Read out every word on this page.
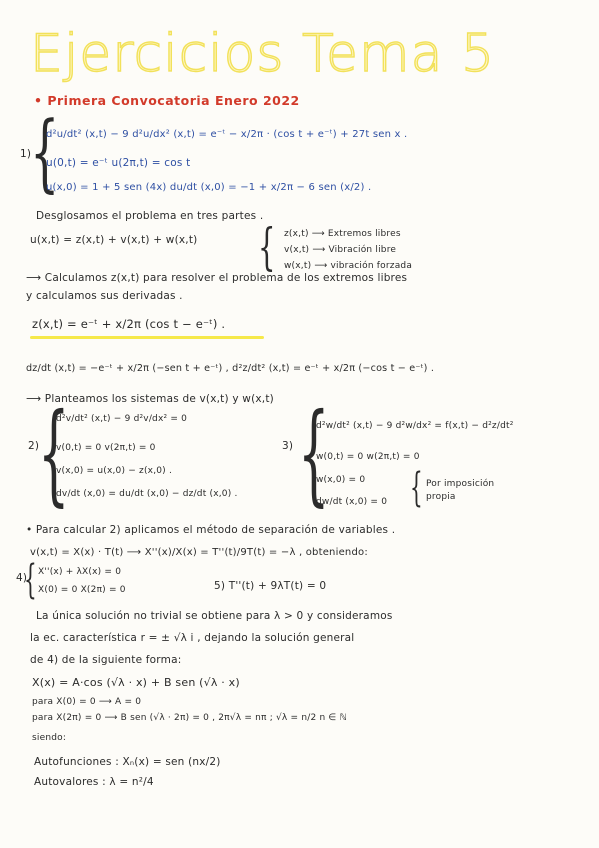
Ejercicios Tema 5
• Primera Convocatoria Enero 2022
1)
{
d²u/dt² (x,t) − 9 d²u/dx² (x,t) = e⁻ᵗ − x/2π · (cos t + e⁻ᵗ) + 27t sen x .
u(0,t) = e⁻ᵗ u(2π,t) = cos t
u(x,0) = 1 + 5 sen (4x) du/dt (x,0) = −1 + x/2π − 6 sen (x/2) .
Desglosamos el problema en tres partes .
u(x,t) = z(x,t) + v(x,t) + w(x,t) { z(x,t) ⟶ Extremos libres
v(x,t) ⟶ Vibración libre
w(x,t) ⟶ vibración forzada
⟶ Calculamos z(x,t) para resolver el problema de los extremos libres
y calculamos sus derivadas .
z(x,t) = e⁻ᵗ + x/2π (cos t − e⁻ᵗ) .
dz/dt (x,t) = −e⁻ᵗ + x/2π (−sen t + e⁻ᵗ) , d²z/dt² (x,t) = e⁻ᵗ + x/2π (−cos t − e⁻ᵗ) .
⟶ Planteamos los sistemas de v(x,t) y w(x,t)
2)
{
d²v/dt² (x,t) − 9 d²v/dx² = 0
v(0,t) = 0 v(2π,t) = 0
v(x,0) = u(x,0) − z(x,0) .
dv/dt (x,0) = du/dt (x,0) − dz/dt (x,0) .
3) {
d²w/dt² (x,t) − 9 d²w/dx² = f(x,t) − d²z/dt²
w(0,t) = 0 w(2π,t) = 0
w(x,0) = 0
dw/dt (x,0) = 0 { Por imposición propia
• Para calcular 2) aplicamos el método de separación de variables .
v(x,t) = X(x) · T(t) ⟶ X''(x)/X(x) = T''(t)/9T(t) = −λ , obteniendo:
4)
{ X''(x) + λX(x) = 0
X(0) = 0 X(2π) = 0	5) T''(t) + 9λT(t) = 0
La única solución no trivial se obtiene para λ > 0 y consideramos
la ec. característica r = ± √λ i , dejando la solución general
de 4) de la siguiente forma:
X(x) = A·cos (√λ · x) + B sen (√λ · x)
para X(0) = 0 ⟶ A = 0
para X(2π) = 0 ⟶ B sen (√λ · 2π) = 0 , 2π√λ = nπ ; √λ = n/2 n ∈ ℕ
siendo:
Autofunciones : Xₙ(x) = sen (nx/2)
Autovalores : λ = n²/4
